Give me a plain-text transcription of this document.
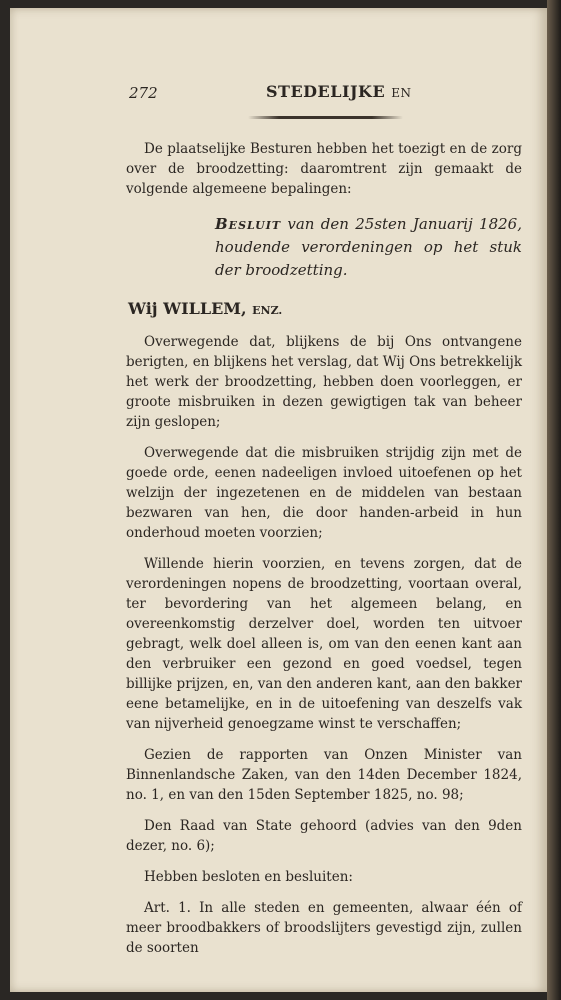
272	STEDELIJKE EN

De plaatselijke Besturen hebben het toezigt en de zorg over de broodzetting: daaromtrent zijn gemaakt de volgende algemeene bepalingen:

Besluit van den 25sten Januarij 1826, houdende verordeningen op het stuk der broodzetting.

Wij WILLEM, ENZ.

Overwegende dat, blijkens de bij Ons ontvangene berigten, en blijkens het verslag, dat Wij Ons betrekkelijk het werk der broodzetting, hebben doen voorleggen, er groote misbruiken in dezen gewigtigen tak van beheer zijn geslopen;

Overwegende dat die misbruiken strijdig zijn met de goede orde, eenen nadeeligen invloed uitoefenen op het welzijn der ingezetenen en de middelen van bestaan bezwaren van hen, die door handen-arbeid in hun onderhoud moeten voorzien;

Willende hierin voorzien, en tevens zorgen, dat de verordeningen nopens de broodzetting, voortaan overal, ter bevordering van het algemeen belang, en overeenkomstig derzelver doel, worden ten uitvoer gebragt, welk doel alleen is, om van den eenen kant aan den verbruiker een gezond en goed voedsel, tegen billijke prijzen, en, van den anderen kant, aan den bakker eene betamelijke, en in de uitoefening van deszelfs vak van nijverheid genoegzame winst te verschaffen;

Gezien de rapporten van Onzen Minister van Binnenlandsche Zaken, van den 14den December 1824, no. 1, en van den 15den September 1825, no. 98;

Den Raad van State gehoord (advies van den 9den dezer, no. 6);

Hebben besloten en besluiten:

Art. 1. In alle steden en gemeenten, alwaar één of meer broodbakkers of broodslijters gevestigd zijn, zullen de soorten
